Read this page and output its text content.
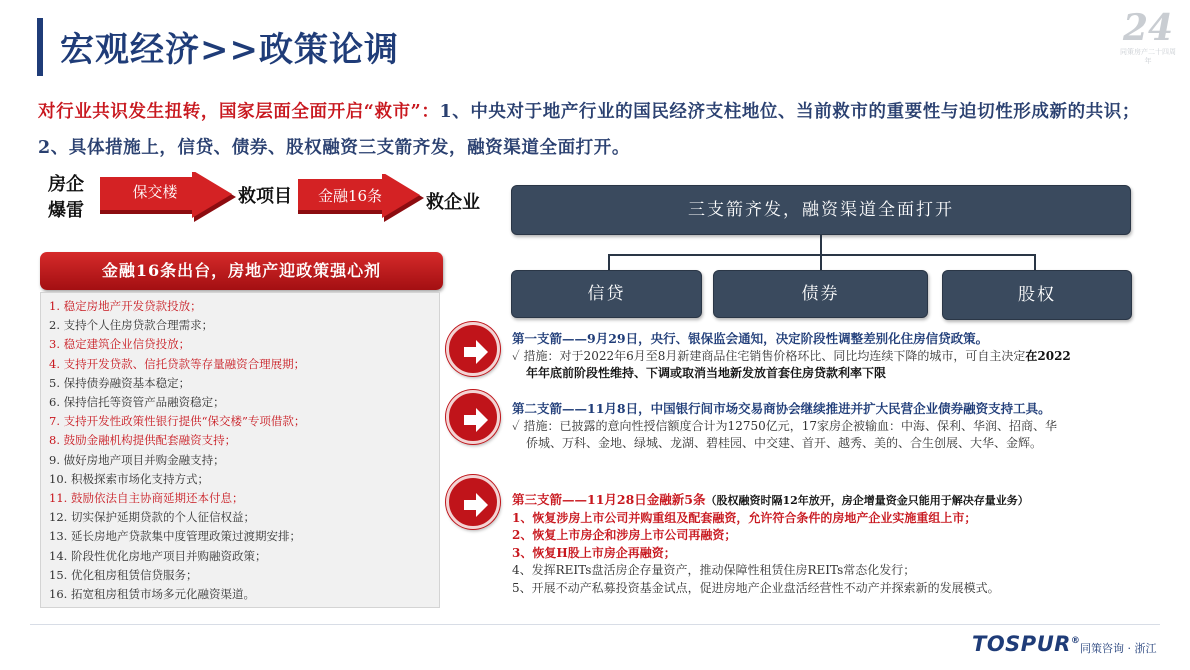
宏观经济>>政策论调
24
同策房产二十四周年
对行业共识发生扭转，国家层面全面开启“救市”：1、中央对于地产行业的国民经济支柱地位、当前救市的重要性与迫切性形成新的共识；2、具体措施上，信贷、债券、股权融资三支箭齐发，融资渠道全面打开。
房企
爆雷
保交楼	救项目	金融16条	救企业
金融16条出台，房地产迎政策强心剂
1. 稳定房地产开发贷款投放；
2. 支持个人住房贷款合理需求；
3. 稳定建筑企业信贷投放；
4. 支持开发贷款、信托贷款等存量融资合理展期；
5. 保持债券融资基本稳定；
6. 保持信托等资管产品融资稳定；
7. 支持开发性政策性银行提供“保交楼”专项借款；
8. 鼓励金融机构提供配套融资支持；
9. 做好房地产项目并购金融支持；
10. 积极探索市场化支持方式；
11. 鼓励依法自主协商延期还本付息；
12. 切实保护延期贷款的个人征信权益；
13. 延长房地产贷款集中度管理政策过渡期安排；
14. 阶段性优化房地产项目并购融资政策；
15. 优化租房租赁信贷服务；
16. 拓宽租房租赁市场多元化融资渠道。
三支箭齐发，融资渠道全面打开
信贷	债券	股权
第一支箭——9月29日，央行、银保监会通知，决定阶段性调整差别化住房信贷政策。
✓ 措施：对于2022年6月至8月新建商品住宅销售价格环比、同比均连续下降的城市，可自主决定在2022
年年底前阶段性维持、下调或取消当地新发放首套住房贷款利率下限
第二支箭——11月8日，中国银行间市场交易商协会继续推进并扩大民营企业债券融资支持工具。
✓ 措施：已披露的意向性授信额度合计为12750亿元，17家房企被输血：中海、保利、华润、招商、华
侨城、万科、金地、绿城、龙湖、碧桂园、中交建、首开、越秀、美的、合生创展、大华、金辉。
第三支箭——11月28日金融新5条（股权融资时隔12年放开，房企增量资金只能用于解决存量业务）
1、恢复涉房上市公司并购重组及配套融资，允许符合条件的房地产企业实施重组上市；
2、恢复上市房企和涉房上市公司再融资；
3、恢复H股上市房企再融资；
4、发挥REITs盘活房企存量资产，推动保障性租赁住房REITs常态化发行；
5、开展不动产私募投资基金试点，促进房地产企业盘活经营性不动产并探索新的发展模式。
TOSPUR®
同策咨询 · 浙江
